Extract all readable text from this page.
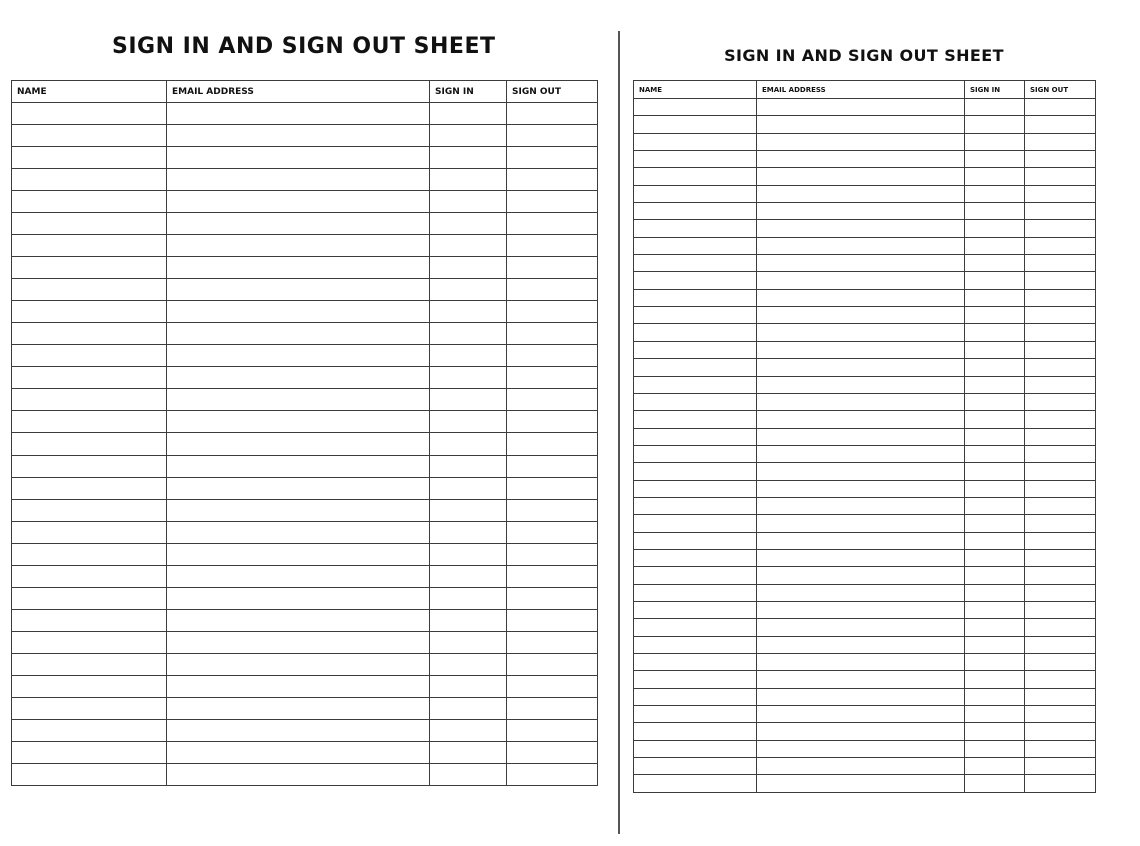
SIGN IN AND SIGN OUT SHEET
NAME	EMAIL ADDRESS	SIGN IN	SIGN OUT

SIGN IN AND SIGN OUT SHEET
NAME	EMAIL ADDRESS	SIGN IN	SIGN OUT
